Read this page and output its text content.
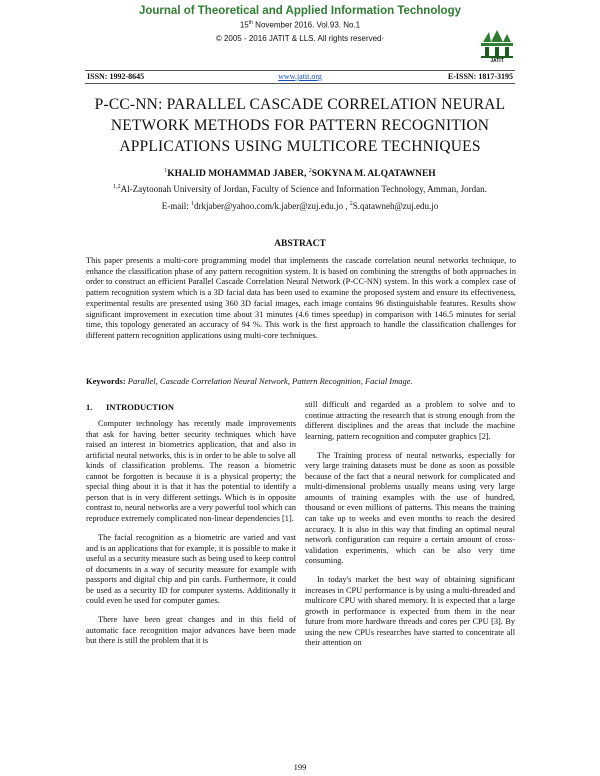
Journal of Theoretical and Applied Information Technology
15th November 2016. Vol.93. No.1
© 2005 - 2016 JATIT & LLS. All rights reserved·
JATIT
ISSN: 1992-8645	www.jatit.org	E-ISSN: 1817-3195
P-CC-NN: PARALLEL CASCADE CORRELATION NEURAL NETWORK METHODS FOR PATTERN RECOGNITION APPLICATIONS USING MULTICORE TECHNIQUES
$^1$KHALID MOHAMMAD JABER, $^2$SOKYNA M. ALQATAWNEH
$^{1,2}$Al-Zaytoonah University of Jordan, Faculty of Science and Information Technology, Amman, Jordan.
E-mail: $^1$drkjaber@yahoo.com/k.jaber@zuj.edu.jo , $^2$S.qatawneh@zuj.edu.jo
ABSTRACT
This paper presents a multi-core programming model that implements the cascade correlation neural networks technique, to enhance the classification phase of any pattern recognition system. It is based on combining the strengths of both approaches in order to construct an efficient Parallel Cascade Correlation Neural Network (P-CC-NN) system. In this work a complex case of pattern recognition system which is a 3D facial data has been used to examine the proposed system and ensure its effectiveness, experimental results are presented using 360 3D facial images, each image contains 96 distinguishable features. Results show significant improvement in execution time about 31 minutes (4.6 times speedup) in comparison with 146.5 minutes for serial time, this topology generated an accuracy of 94 %. This work is the first approach to handle the classification challenges for different pattern recognition applications using multi-core techniques.
Keywords: Parallel, Cascade Correlation Neural Network, Pattern Recognition, Facial Image.
1. INTRODUCTION

Computer technology has recently made improvements that ask for having better security techniques which have raised an interest in biometrics application, that and also in artificial neural networks, this is in order to be able to solve all kinds of classification problems. The reason a biometric cannot be forgotten is because it is a physical property; the special thing about it is that it has the potential to identify a person that is in very different settings. Which is in opposite contrast to, neural networks are a very powerful tool which can reproduce extremely complicated non-linear dependencies [1].

The facial recognition as a biometric are varied and vast and is an applications that for example, it is possible to make it useful as a security measure such as being used to keep control of documents in a way of security measure for example with passports and digital chip and pin cards. Furthermore, it could be used as a security ID for computer systems. Additionally it could even be used for computer games.

There have been great changes and in this field of automatic face recognition major advances have been made but there is still the problem that it is

still difficult and regarded as a problem to solve and to continue attracting the research that is strong enough from the different disciplines and the areas that include the machine learning, pattern recognition and computer graphics [2].

The Training process of neural networks, especially for very large training datasets must be done as soon as possible because of the fact that a neural network for complicated and multi-dimensional problems usually means using very large amounts of training examples with the use of hundred, thousand or even millions of patterns. This means the training can take up to weeks and even months to reach the desired accuracy. It is also in this way that finding an optimal neural network configuration can require a certain amount of cross-validation experiments, which can be also very time consuming.

In today's market the best way of obtaining significant increases in CPU performance is by using a multi-threaded and multicore CPU with shared memory. It is expected that a large growth in performance is expected from them in the near future from more hardware threads and cores per CPU [3]. By using the new CPUs researches have started to concentrate all their attention on

199
